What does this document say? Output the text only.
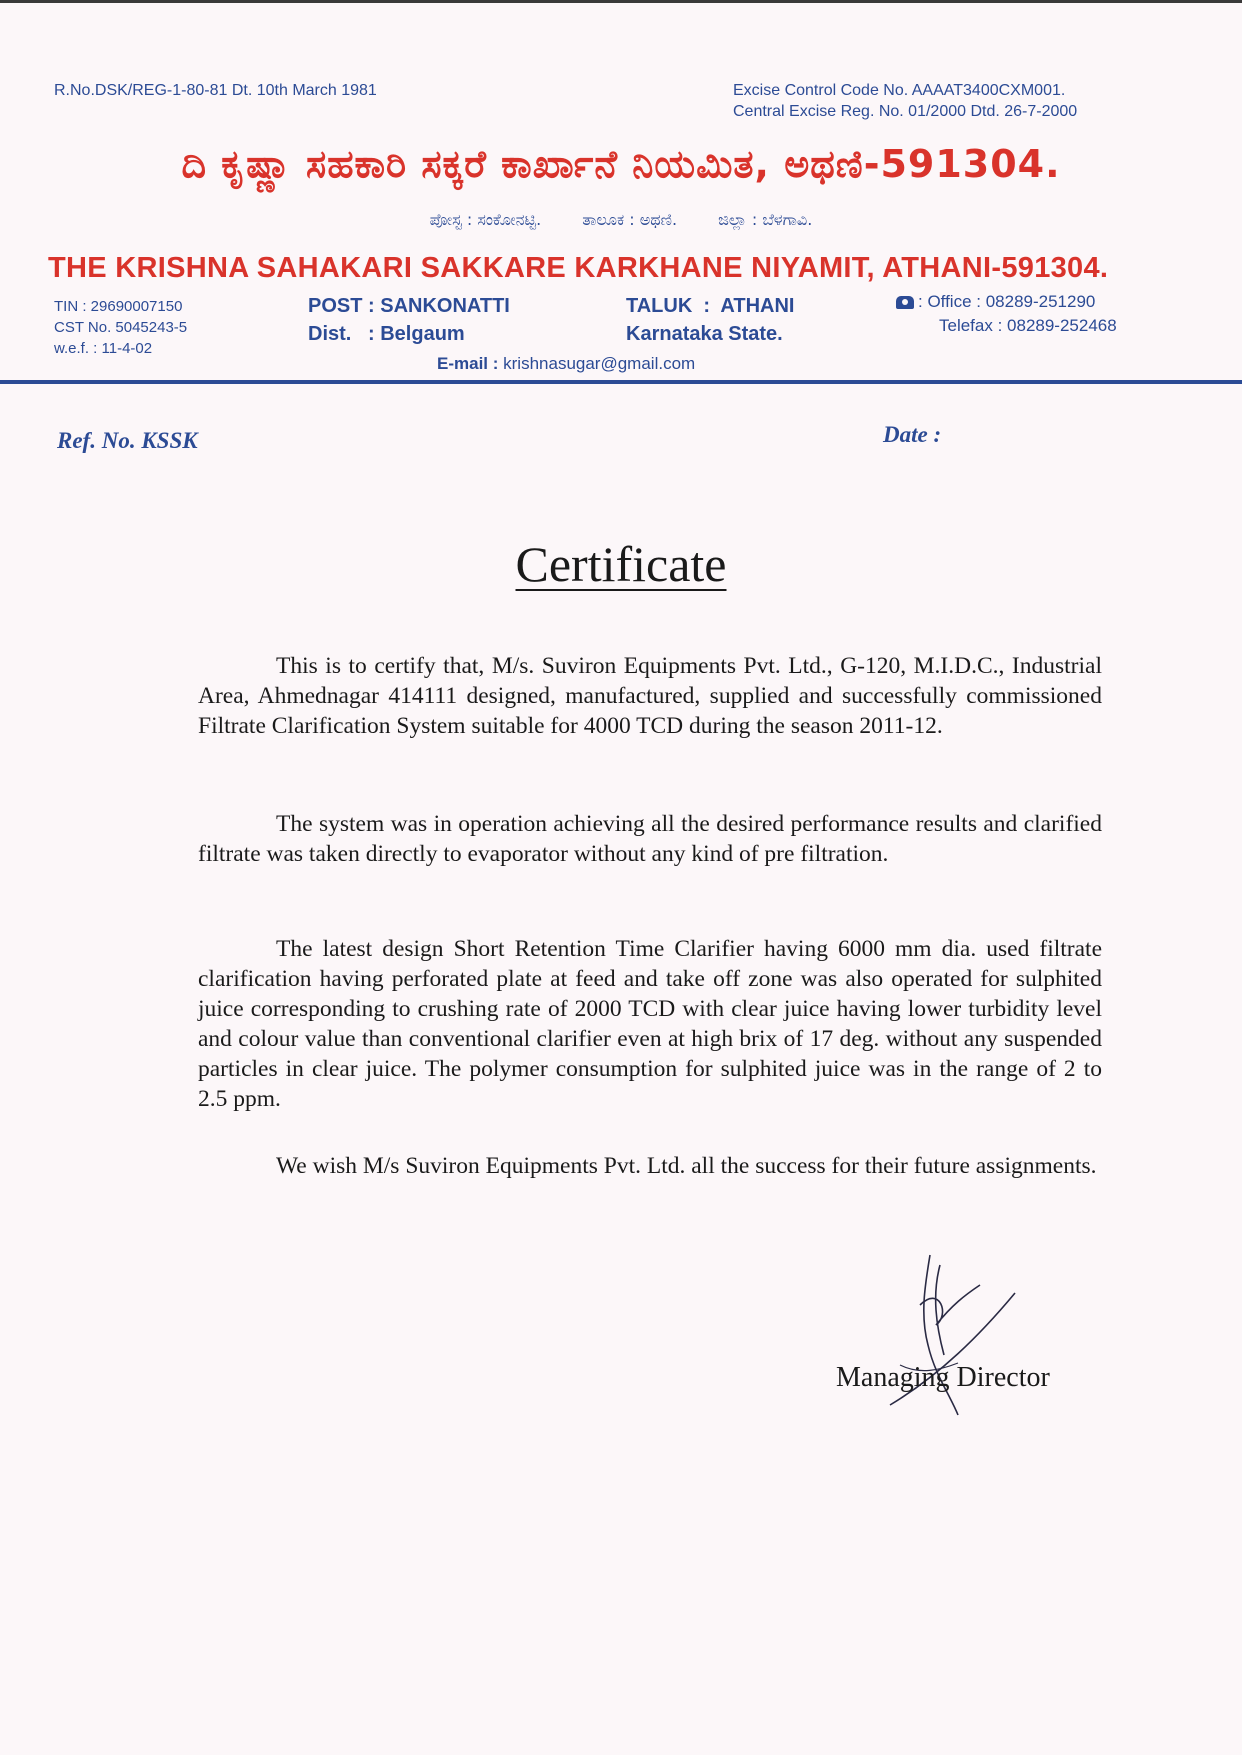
R.No.DSK/REG-1-80-81 Dt. 10th March 1981	Excise Control Code No. AAAAT3400CXM001.
Central Excise Reg. No. 01/2000 Dtd. 26-7-2000
ದಿ ಕೃಷ್ಣಾ ಸಹಕಾರಿ ಸಕ್ಕರೆ ಕಾರ್ಖಾನೆ ನಿಯಮಿತ, ಅಥಣಿ-591304.
ಪೋಸ್ಟ : ಸಂಕೋನಟ್ಟಿ.	ತಾಲೂಕ : ಅಥಣಿ.	ಜಿಲ್ಲಾ : ಬೆಳಗಾವಿ.
THE KRISHNA SAHAKARI SAKKARE KARKHANE NIYAMIT, ATHANI-591304.
TIN : 29690007150
CST No. 5045243-5
w.e.f. : 11-4-02
POST : SANKONATTI
Dist.   : Belgaum
TALUK  :  ATHANI
Karnataka State.
: Office : 08289-251290
Telefax : 08289-252468
E-mail : krishnasugar@gmail.com
Ref. No. KSSK	Date :
Certificate

This is to certify that, M/s. Suviron Equipments Pvt. Ltd., G-120, M.I.D.C., Industrial Area, Ahmednagar 414111 designed, manufactured, supplied and successfully commissioned Filtrate Clarification System suitable for 4000 TCD during the season 2011-12.

The system was in operation achieving all the desired performance results and clarified filtrate was taken directly to evaporator without any kind of pre filtration.

The latest design Short Retention Time Clarifier having 6000 mm dia. used filtrate clarification having perforated plate at feed and take off zone was also operated for sulphited juice corresponding to crushing rate of 2000 TCD with clear juice having lower turbidity level and colour value than conventional clarifier even at high brix of 17 deg. without any suspended particles in clear juice. The polymer consumption for sulphited juice was in the range of 2 to 2.5 ppm.

We wish M/s Suviron Equipments Pvt. Ltd. all the success for their future assignments.

Managing Director
